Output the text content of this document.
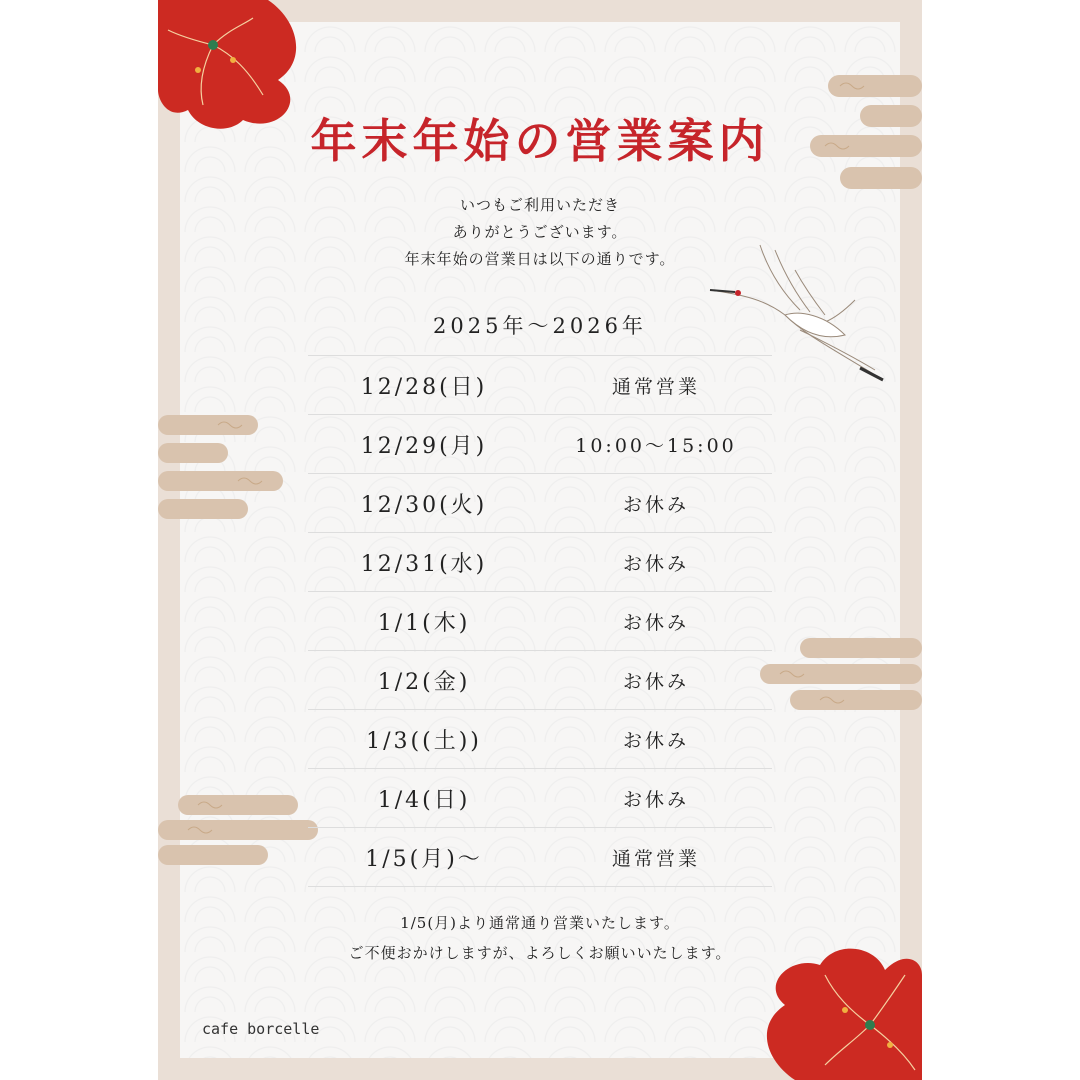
年末年始の営業案内
いつもご利用いただき
ありがとうございます。
年末年始の営業日は以下の通りです。
2025年～2026年
12/28(日)	通常営業
12/29(月)	10:00～15:00
12/30(火)	お休み
12/31(水)	お休み
1/1(木)	お休み
1/2(金)	お休み
1/3((土))	お休み
1/4(日)	お休み
1/5(月)～	通常営業
1/5(月)より通常通り営業いたします。
ご不便おかけしますが、よろしくお願いいたします。
cafe borcelle
